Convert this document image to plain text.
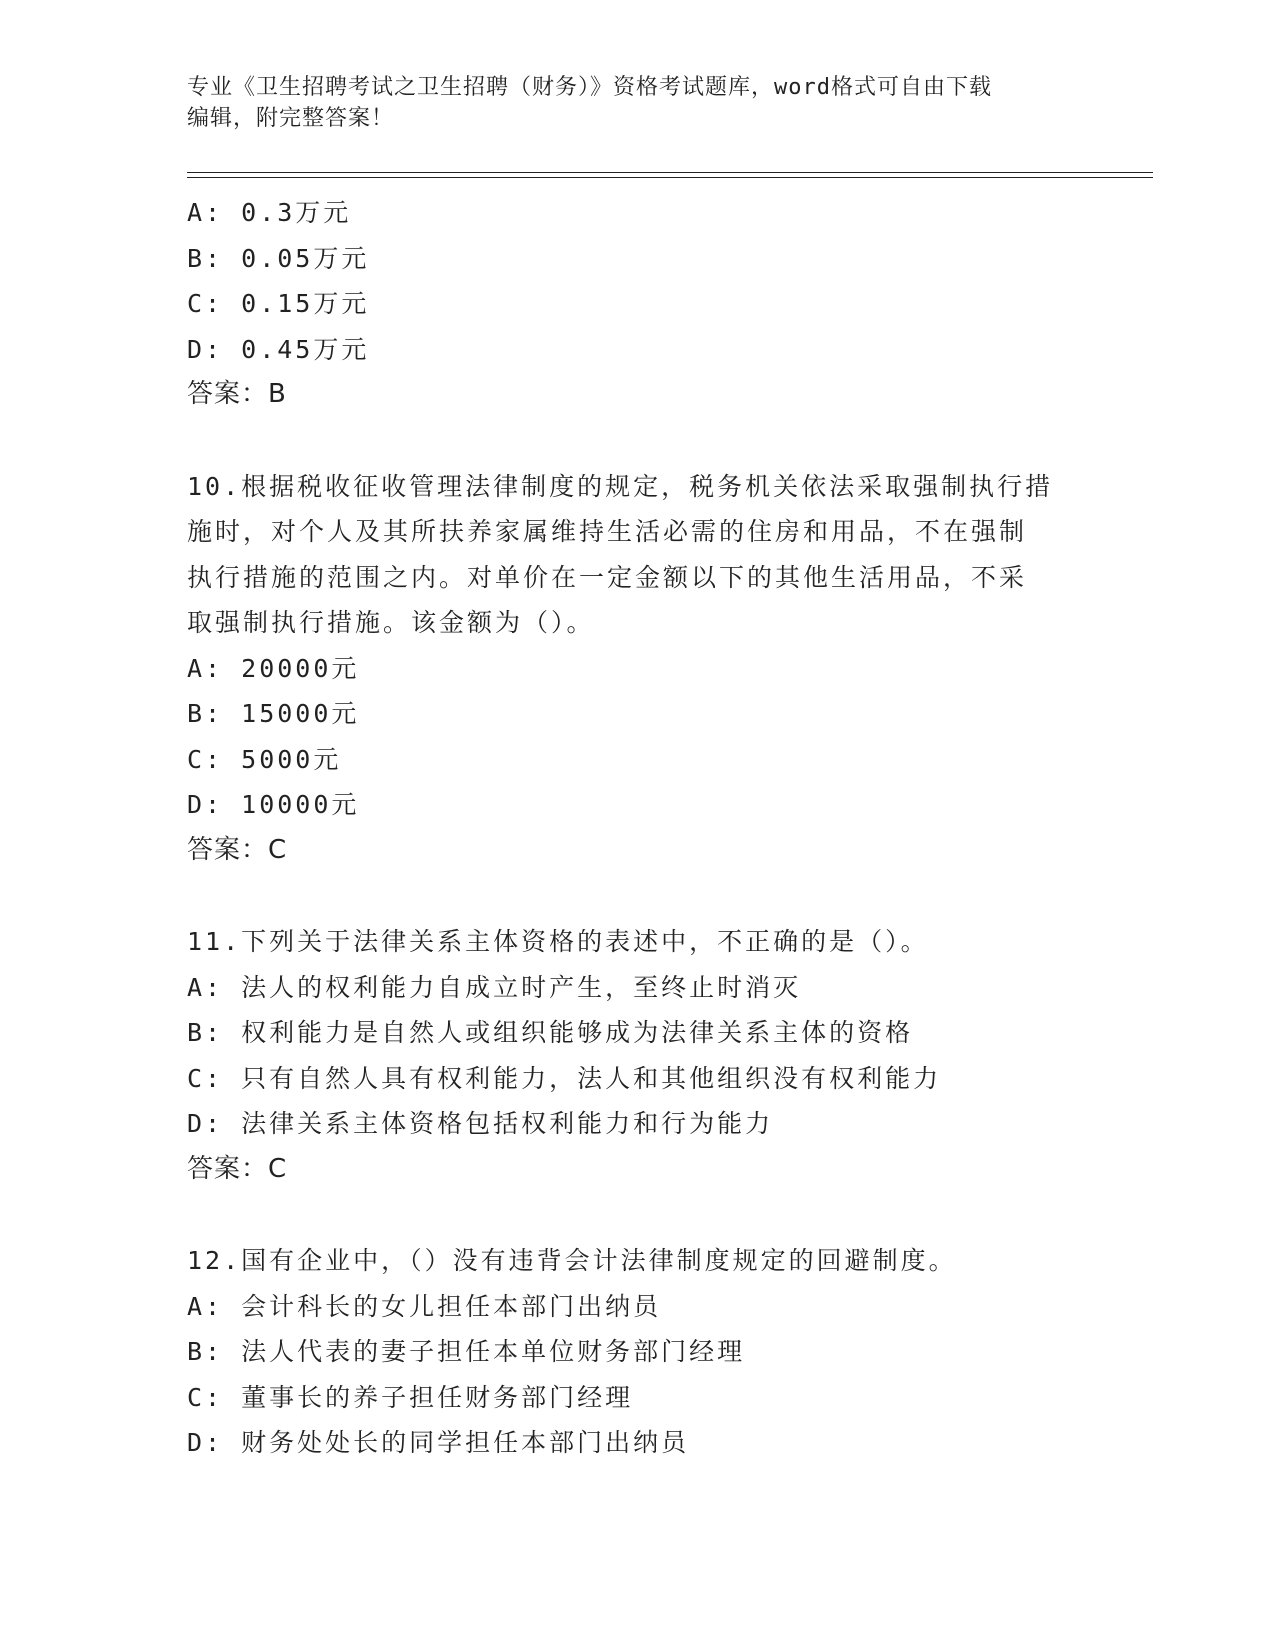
专业《卫生招聘考试之卫生招聘（财务）》资格考试题库，word格式可自由下载
编辑，附完整答案！
A: 0.3万元
B: 0.05万元
C: 0.15万元
D: 0.45万元
答案：B
10.根据税收征收管理法律制度的规定，税务机关依法采取强制执行措
施时，对个人及其所扶养家属维持生活必需的住房和用品，不在强制
执行措施的范围之内。对单价在一定金额以下的其他生活用品，不采
取强制执行措施。该金额为（）。
A: 20000元
B: 15000元
C: 5000元
D: 10000元
答案：C
11.下列关于法律关系主体资格的表述中，不正确的是（）。
A: 法人的权利能力自成立时产生，至终止时消灭
B: 权利能力是自然人或组织能够成为法律关系主体的资格
C: 只有自然人具有权利能力，法人和其他组织没有权利能力
D: 法律关系主体资格包括权利能力和行为能力
答案：C
12.国有企业中，（）没有违背会计法律制度规定的回避制度。
A: 会计科长的女儿担任本部门出纳员
B: 法人代表的妻子担任本单位财务部门经理
C: 董事长的养子担任财务部门经理
D: 财务处处长的同学担任本部门出纳员
